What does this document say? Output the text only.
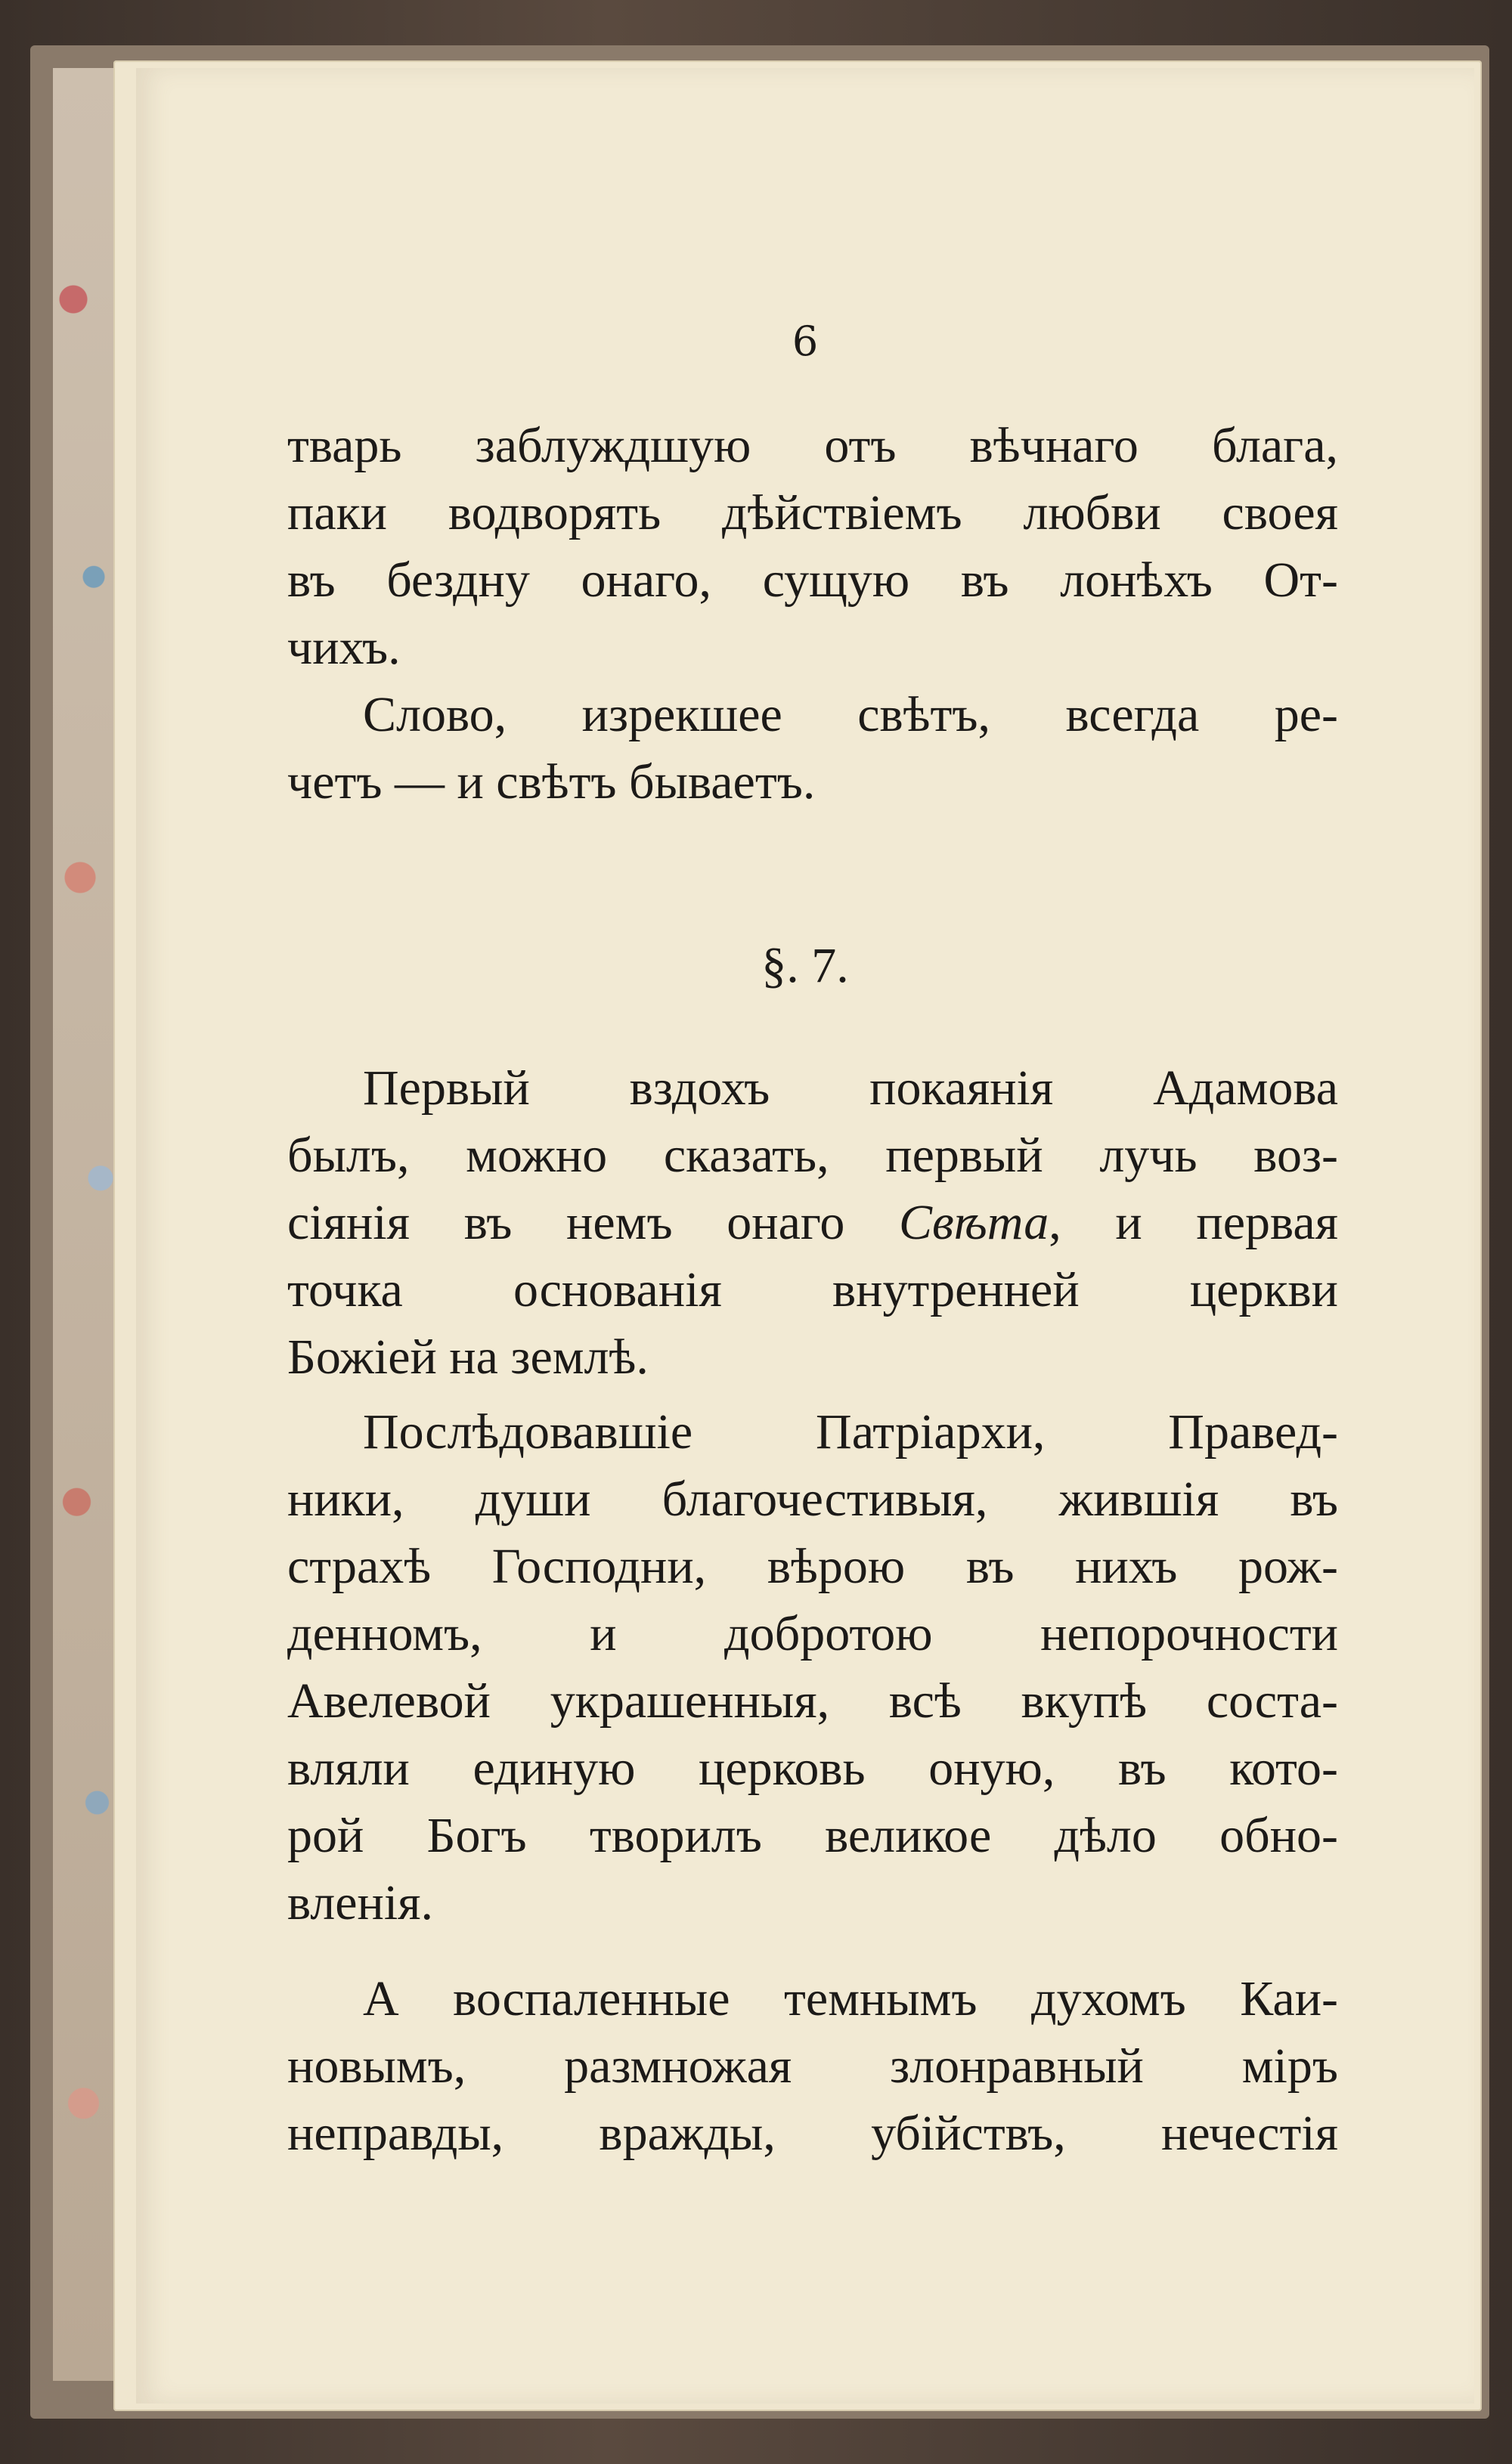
6
тварь заблуждшую отъ вѣчнаго блага,
паки водворять дѣйствіемъ любви своея
въ бездну онаго, сущую въ лонѣхъ От-
чихъ.
Слово, изрекшее свѣтъ, всегда ре-
четъ — и свѣтъ бываетъ.
§. 7.
Первый вздохъ покаянія Адамова
былъ, можно сказать, первый лучь воз-
сіянія въ немъ онаго Свѣта, и первая
точка основанія внутренней церкви
Божіей на землѣ.
Послѣдовавшіе Патріархи, Правед-
ники, души благочестивыя, жившія въ
страхѣ Господни, вѣрою въ нихъ рож-
денномъ, и добротою непорочности
Авелевой украшенныя, всѣ вкупѣ соста-
вляли единую церковь оную, въ кото-
рой Богъ творилъ великое дѣло обно-
вленія.
А воспаленные темнымъ духомъ Каи-
новымъ, размножая злонравный міръ
неправды, вражды, убійствъ, нечестія
